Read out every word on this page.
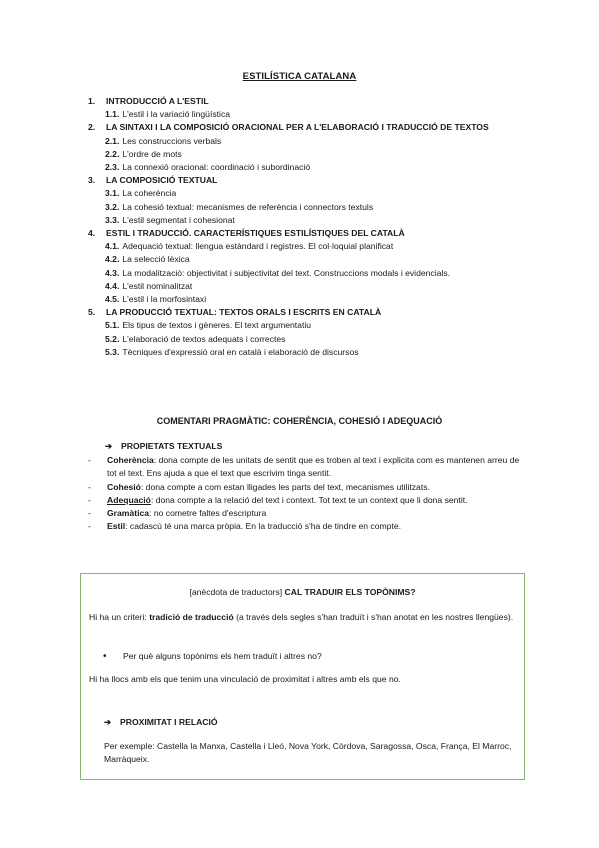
ESTILÍSTICA CATALANA
1.	INTRODUCCIÓ A L'ESTIL
1.1. L'estil i la variació lingüística
2.	LA SINTAXI I LA COMPOSICIÓ ORACIONAL PER A L'ELABORACIÓ I TRADUCCIÓ DE TEXTOS
2.1. Les construccions verbals
2.2. L'ordre de mots
2.3. La connexió oracional: coordinació i subordinació
3.	LA COMPOSICIÓ TEXTUAL
3.1. La coherència
3.2. La cohesió textual: mecanismes de referència i connectors textuls
3.3. L'estil segmentat i cohesionat
4.	ESTIL I TRADUCCIÓ. CARACTERÍSTIQUES ESTILÍSTIQUES DEL CATALÀ
4.1. Adequació textual: llengua estàndard i registres. El col·loquial planificat
4.2. La selecció lèxica
4.3. La modalització: objectivitat i subjectivitat del text. Construccions modals i evidencials.
4.4. L'estil nominalitzat
4.5. L'estil i la morfosintaxi
5.	LA PRODUCCIÓ TEXTUAL: TEXTOS ORALS I ESCRITS EN CATALÀ
5.1. Els tipus de textos i gèneres. El text argumentatiu
5.2. L'elaboració de textos adequats i correctes
5.3. Tècniques d'expressió oral en català i elaboració de discursos
COMENTARI PRAGMÀTIC: COHERÈNCIA, COHESIÓ I ADEQUACIÓ
➔	PROPIETATS TEXTUALS
-	Coherència: dona compte de les unitats de sentit que es troben al text i explicita com es mantenen arreu de tot el text. Ens ajuda a que el text que escrivim tinga sentit.
-	Cohesió: dona compte a com estan lligades les parts del text, mecanismes utilitzats.
-	Adequació: dona compte a la relació del text i context. Tot text te un context que li dona sentit.
-	Gramàtica: no cometre faltes d'escriptura
-	Estil: cadascú té una marca pròpia. En la traducció s'ha de tindre en compte.
[anècdota de traductors] CAL TRADUIR ELS TOPÒNIMS?
Hi ha un criteri: tradició de traducció (a través dels segles s'han traduït i s'han anotat en les nostres llengües).
•	Per què alguns topònims els hem traduït i altres no?
Hi ha llocs amb els que tenim una vinculació de proximitat i altres amb els que no.
➔	PROXIMITAT I RELACIÓ
Per exemple: Castella la Manxa, Castella i Lleó, Nova York, Còrdova, Saragossa, Osca, França, El Marroc, Marràqueix.
